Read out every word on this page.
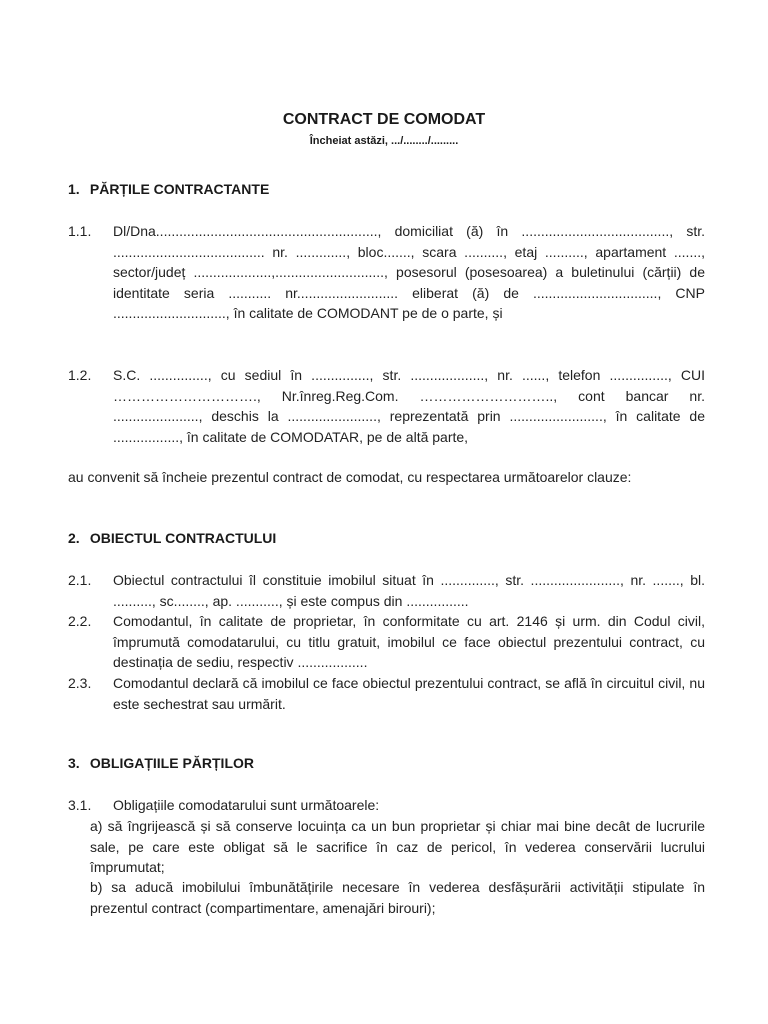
CONTRACT DE COMODAT
Încheiat astăzi, .../......../.........
1. PĂRȚILE CONTRACTANTE
1.1. Dl/Dna........................................................., domiciliat (ă) în ......................................, str. ....................................... nr. ............., bloc......., scara .........., etaj .........., apartament ......., sector/județ ....................,............................, posesorul (posesoarea) a buletinului (cărții) de identitate seria ........... nr.......................... eliberat (ă) de ................................, CNP ............................., în calitate de COMODANT pe de o parte, și
1.2. S.C. ..............., cu sediul în ..............., str. ..................., nr. ......, telefon ..............., CUI …………………………., Nr.înreg.Reg.Com. ……………………….., cont bancar nr. ......................, deschis la ......................., reprezentată prin ........................, în calitate de ................., în calitate de COMODATAR, pe de altă parte,
au convenit să încheie prezentul contract de comodat, cu respectarea următoarelor clauze:
2. OBIECTUL CONTRACTULUI
2.1. Obiectul contractului îl constituie imobilul situat în .............., str. ......................., nr. ......., bl. .........., sc........, ap. ..........., și este compus din ................
2.2. Comodantul, în calitate de proprietar, în conformitate cu art. 2146 și urm. din Codul civil, împrumută comodatarului, cu titlu gratuit, imobilul ce face obiectul prezentului contract, cu destinația de sediu, respectiv ..................
2.3. Comodantul declară că imobilul ce face obiectul prezentului contract, se află în circuitul civil, nu este sechestrat sau urmărit.
3. OBLIGAȚIILE PĂRȚILOR
3.1. Obligațiile comodatarului sunt următoarele:
a) să îngrijească și să conserve locuința ca un bun proprietar și chiar mai bine decât de lucrurile sale, pe care este obligat să le sacrifice în caz de pericol, în vederea conservării lucrului împrumutat;
b) sa aducă imobilului îmbunătățirile necesare în vederea desfășurării activității stipulate în prezentul contract (compartimentare, amenajări birouri);
